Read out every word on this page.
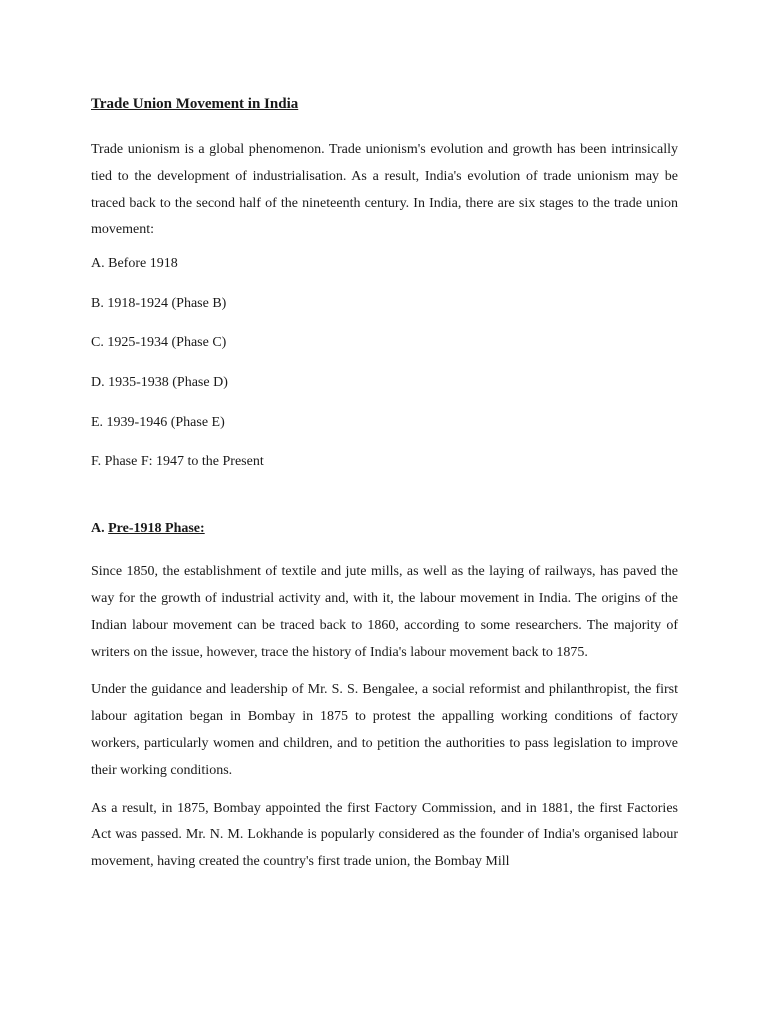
Trade Union Movement in India

Trade unionism is a global phenomenon. Trade unionism's evolution and growth has been intrinsically tied to the development of industrialisation. As a result, India's evolution of trade unionism may be traced back to the second half of the nineteenth century. In India, there are six stages to the trade union movement:

A. Before 1918

B. 1918-1924 (Phase B)

C. 1925-1934 (Phase C)

D. 1935-1938 (Phase D)

E. 1939-1946 (Phase E)

F. Phase F: 1947 to the Present

A. Pre-1918 Phase:

Since 1850, the establishment of textile and jute mills, as well as the laying of railways, has paved the way for the growth of industrial activity and, with it, the labour movement in India. The origins of the Indian labour movement can be traced back to 1860, according to some researchers. The majority of writers on the issue, however, trace the history of India's labour movement back to 1875.

Under the guidance and leadership of Mr. S. S. Bengalee, a social reformist and philanthropist, the first labour agitation began in Bombay in 1875 to protest the appalling working conditions of factory workers, particularly women and children, and to petition the authorities to pass legislation to improve their working conditions.

As a result, in 1875, Bombay appointed the first Factory Commission, and in 1881, the first Factories Act was passed. Mr. N. M. Lokhande is popularly considered as the founder of India's organised labour movement, having created the country's first trade union, the Bombay Mill
